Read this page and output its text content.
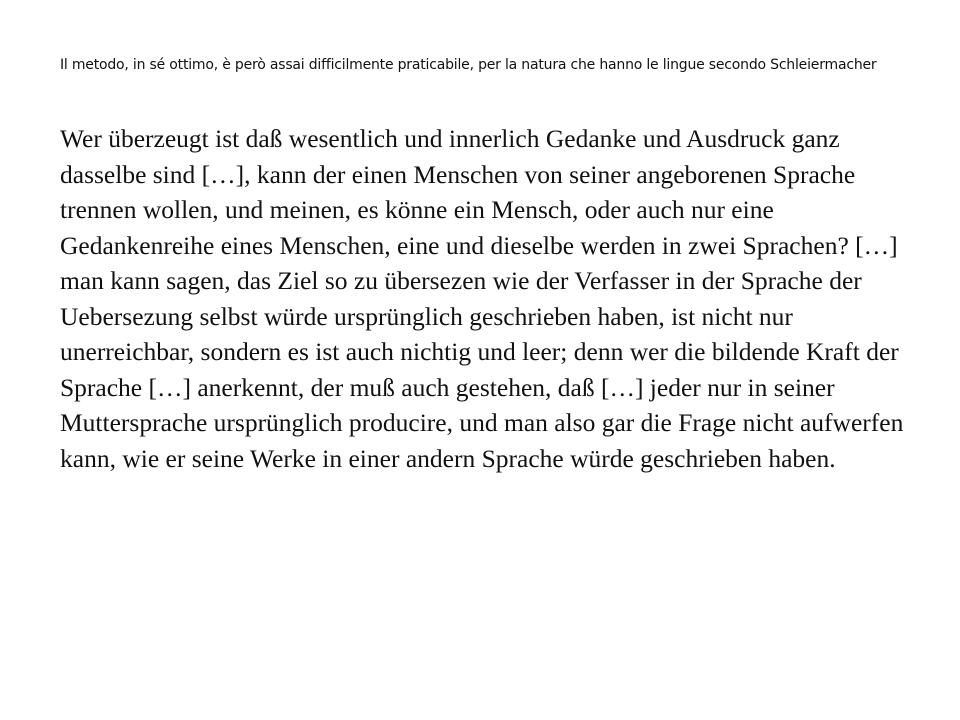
Il metodo, in sé ottimo, è però assai difficilmente praticabile, per la natura che hanno le lingue secondo Schleiermacher

Wer überzeugt ist daß wesentlich und innerlich Gedanke und Ausdruck ganz dasselbe sind […], kann der einen Menschen von seiner angeborenen Sprache trennen wollen, und meinen, es könne ein Mensch, oder auch nur eine Gedankenreihe eines Menschen, eine und dieselbe werden in zwei Sprachen? […] man kann sagen, das Ziel so zu übersezen wie der Verfasser in der Sprache der Uebersezung selbst würde ursprünglich geschrieben haben, ist nicht nur unerreichbar, sondern es ist auch nichtig und leer; denn wer die bildende Kraft der Sprache […] anerkennt, der muß auch gestehen, daß […] jeder nur in seiner Muttersprache ursprünglich producire, und man also gar die Frage nicht aufwerfen kann, wie er seine Werke in einer andern Sprache würde geschrieben haben.
